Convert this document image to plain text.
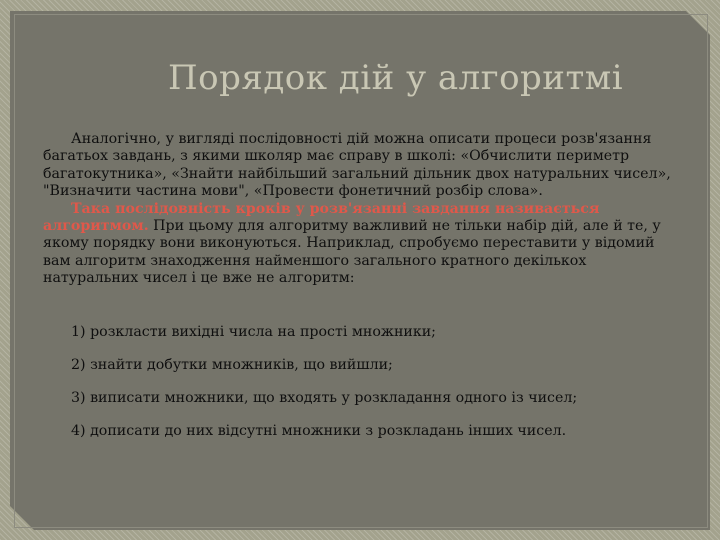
Порядок дій у алгоритмі

Аналогічно, у вигляді послідовності дій можна описати процеси розв'язання багатьох завдань, з якими школяр має справу в школі: «Обчислити периметр багатокутника», «Знайти найбільший загальний дільник двох натуральних чисел», "Визначити частина мови", «Провести фонетичний розбір слова».

Така послідовність кроків у розв'язанні завдання називається алгоритмом. При цьому для алгоритму важливий не тільки набір дій, але й те, у якому порядку вони виконуються. Наприклад, спробуємо переставити у відомий вам алгоритм знаходження найменшого загального кратного декількох натуральних чисел і це вже не алгоритм:

1) розкласти вихідні числа на прості множники;
2) знайти добутки множників, що вийшли;
3) виписати множники, що входять у розкладання одного із чисел;
4) дописати до них відсутні множники з розкладань інших чисел.
